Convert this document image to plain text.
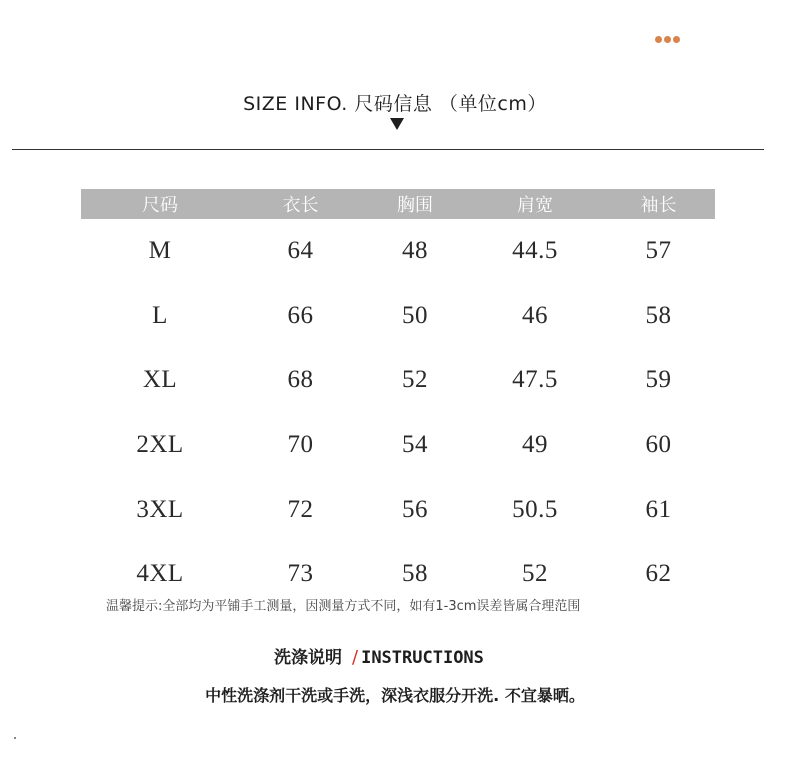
SIZE INFO. 尺码信息 （单位cm）
尺码	衣长	胸围	肩宽	袖长
M	64	48	44.5	57
L	66	50	46	58
XL	68	52	47.5	59
2XL	70	54	49	60
3XL	72	56	50.5	61
4XL	73	58	52	62
温馨提示:全部均为平铺手工测量，因测量方式不同，如有1-3cm误差皆属合理范围
洗涤说明 / INSTRUCTIONS
中性洗涤剂干洗或手洗，深浅衣服分开洗. 不宜暴晒。
